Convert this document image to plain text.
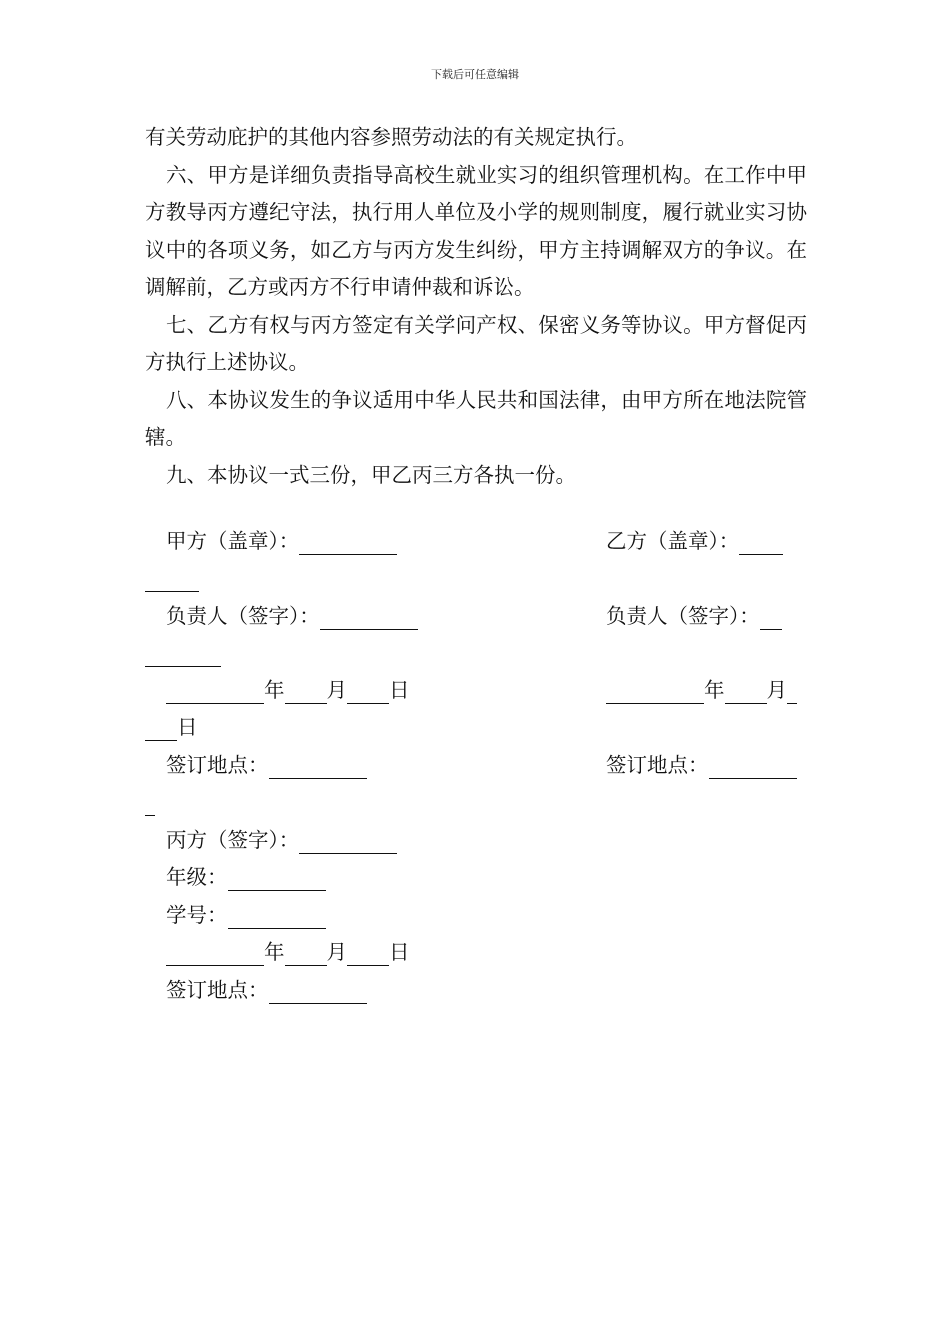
下载后可任意编辑

有关劳动庇护的其他内容参照劳动法的有关规定执行。

六、甲方是详细负责指导高校生就业实习的组织管理机构。在工作中甲方教导丙方遵纪守法，执行用人单位及小学的规则制度，履行就业实习协议中的各项义务，如乙方与丙方发生纠纷，甲方主持调解双方的争议。在调解前，乙方或丙方不行申请仲裁和诉讼。

七、乙方有权与丙方签定有关学问产权、保密义务等协议。甲方督促丙方执行上述协议。

八、本协议发生的争议适用中华人民共和国法律，由甲方所在地法院管辖。

九、本协议一式三份，甲乙丙三方各执一份。

甲方（盖章）：
负责人（签字）：
年 月 日
签订地点：
乙方（盖章）：
负责人（签字）：
年 月
日
签订地点：
丙方（签字）：
年级：
学号：
年 月 日
签订地点：
